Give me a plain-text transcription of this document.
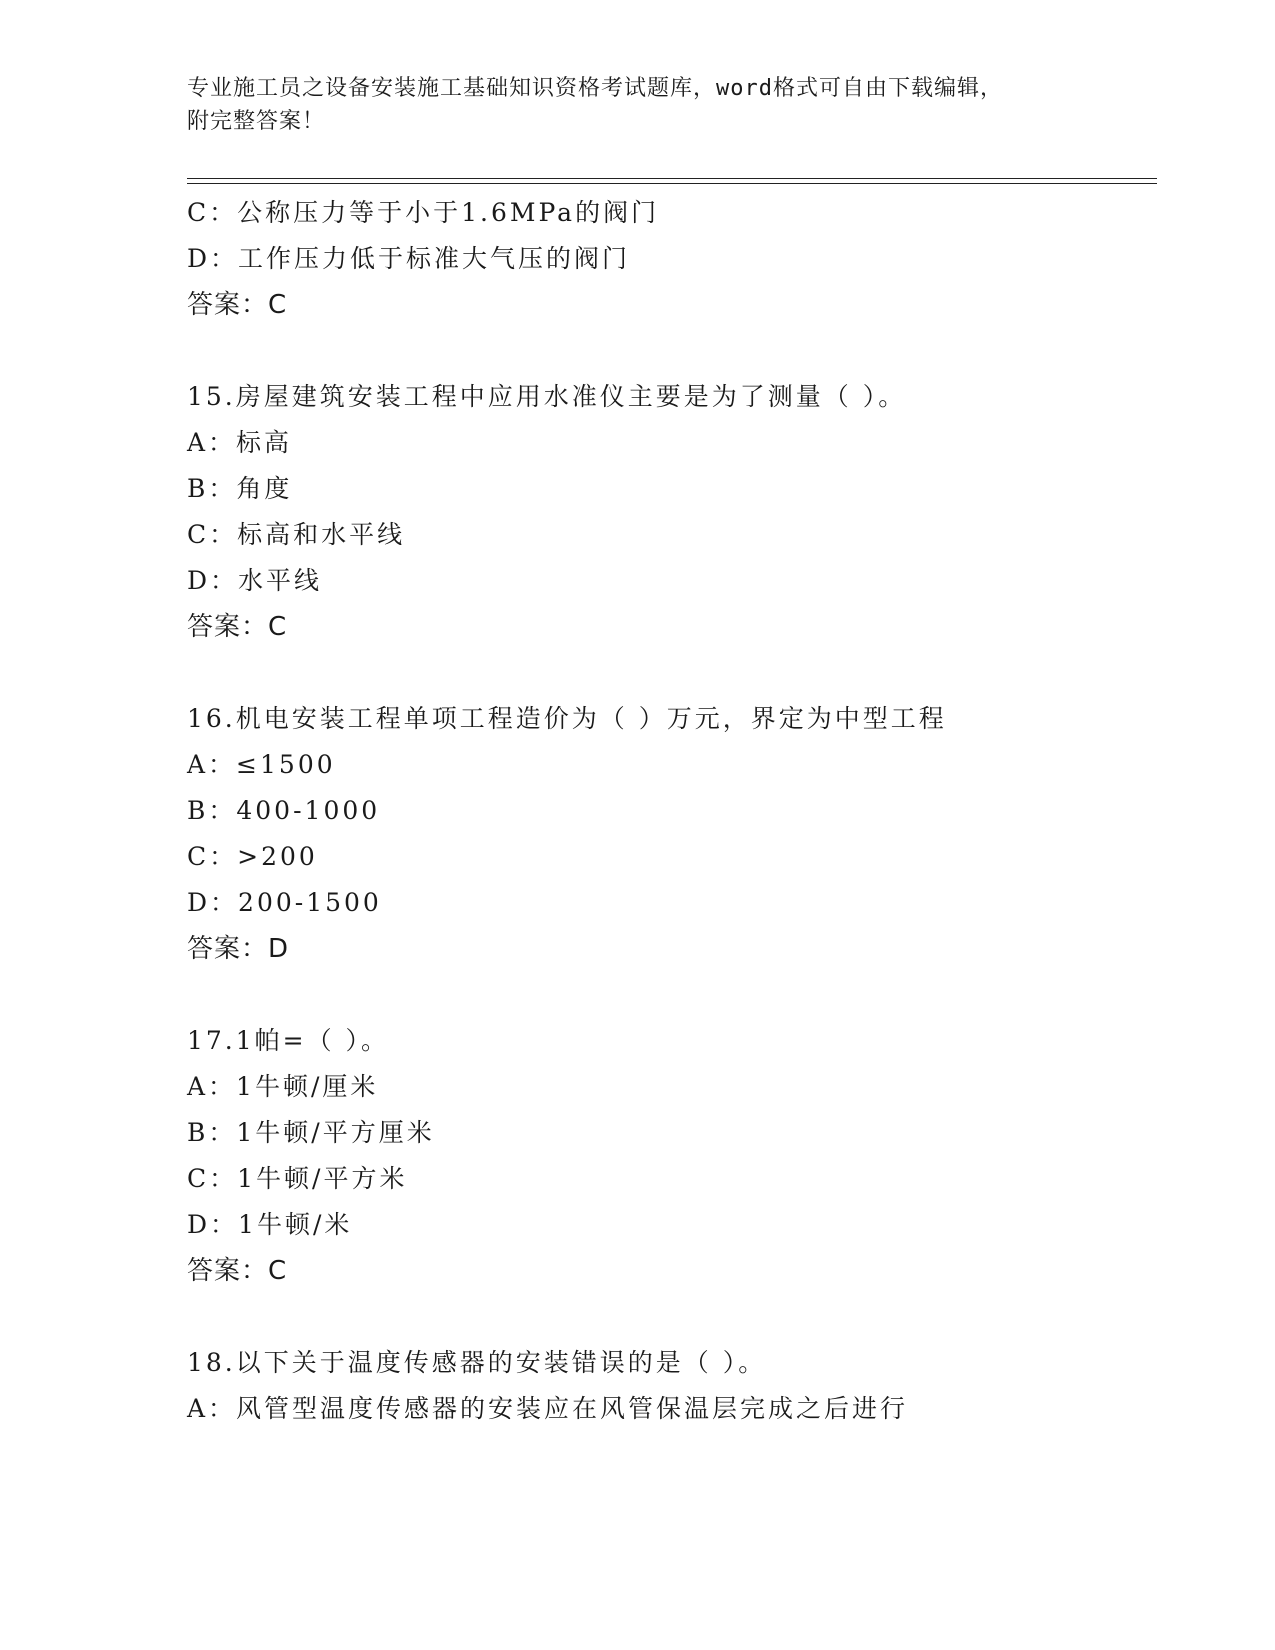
专业施工员之设备安装施工基础知识资格考试题库，word格式可自由下载编辑，
附完整答案！
C：公称压力等于小于1.6MPa的阀门
D：工作压力低于标准大气压的阀门
答案：C
15.房屋建筑安装工程中应用水准仪主要是为了测量（ ）。
A：标高
B：角度
C：标高和水平线
D：水平线
答案：C
16.机电安装工程单项工程造价为（ ）万元，界定为中型工程
A：≤1500
B：400-1000
C：>200
D：200-1500
答案：D
17.1帕=（ ）。
A：1牛顿/厘米
B：1牛顿/平方厘米
C：1牛顿/平方米
D：1牛顿/米
答案：C
18.以下关于温度传感器的安装错误的是（ ）。
A：风管型温度传感器的安装应在风管保温层完成之后进行
